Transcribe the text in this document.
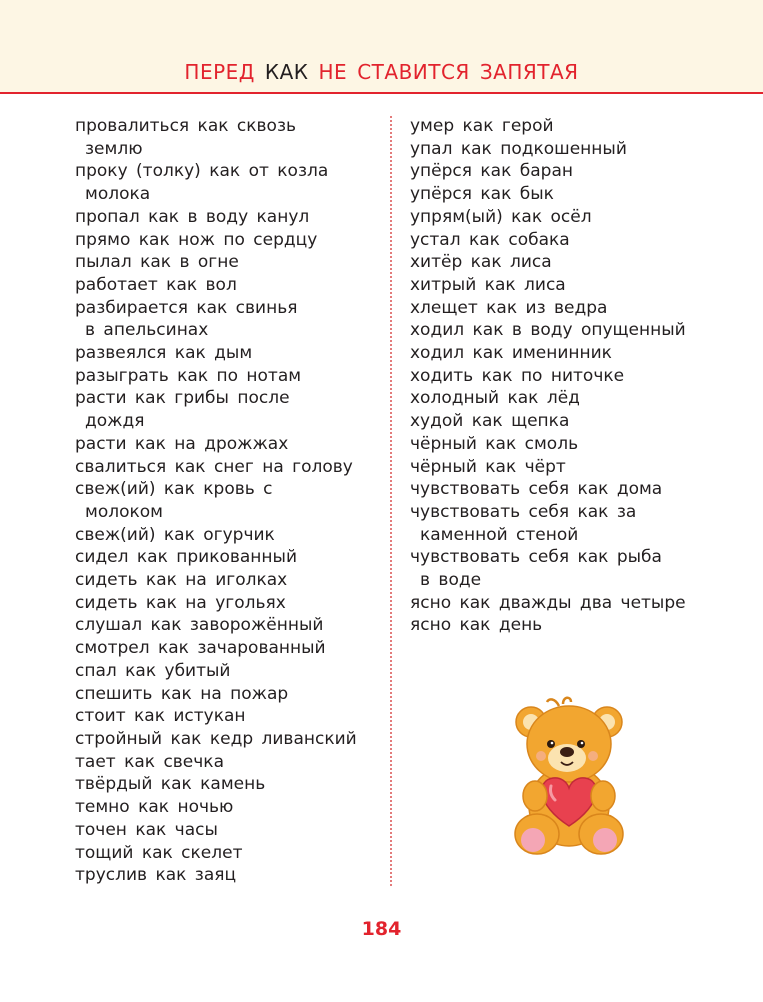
ПЕРЕД КАК НЕ СТАВИТСЯ ЗАПЯТАЯ
провалиться как сквозь
землю
проку (толку) как от козла
молока
пропал как в воду канул
прямо как нож по сердцу
пылал как в огне
работает как вол
разбирается как свинья
в апельсинах
развеялся как дым
разыграть как по нотам
расти как грибы после
дождя
расти как на дрожжах
свалиться как снег на голову
свеж(ий) как кровь с
молоком
свеж(ий) как огурчик
сидел как прикованный
сидеть как на иголках
сидеть как на угольях
слушал как заворожённый
смотрел как зачарованный
спал как убитый
спешить как на пожар
стоит как истукан
стройный как кедр ливанский
тает как свечка
твёрдый как камень
темно как ночью
точен как часы
тощий как скелет
труслив как заяц
умер как герой
упал как подкошенный
упёрся как баран
упёрся как бык
упрям(ый) как осёл
устал как собака
хитёр как лиса
хитрый как лиса
хлещет как из ведра
ходил как в воду опущенный
ходил как именинник
ходить как по ниточке
холодный как лёд
худой как щепка
чёрный как смоль
чёрный как чёрт
чувствовать себя как дома
чувствовать себя как за
каменной стеной
чувствовать себя как рыба
в воде
ясно как дважды два четыре
ясно как день
184
